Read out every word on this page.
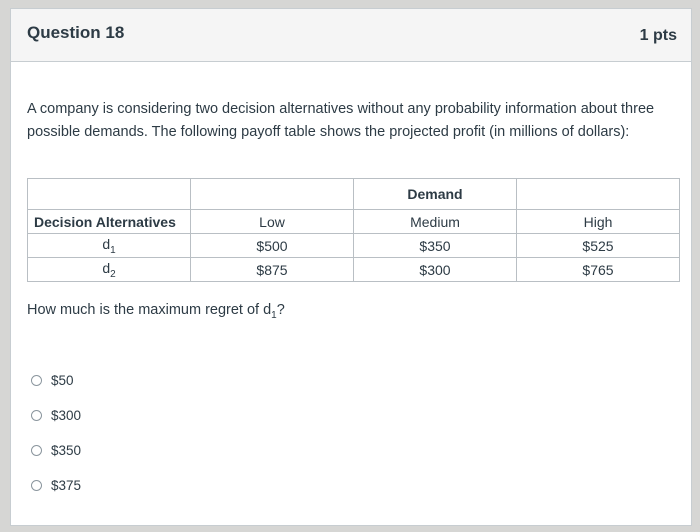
Question 18	1 pts
A company is considering two decision alternatives without any probability information about three possible demands. The following payoff table shows the projected profit (in millions of dollars):
		Demand	
Decision Alternatives	Low	Medium	High
$d_1$	$500	$350	$525
$d_2$	$875	$300	$765
How much is the maximum regret of $d_1$?
$50
$300
$350
$375
